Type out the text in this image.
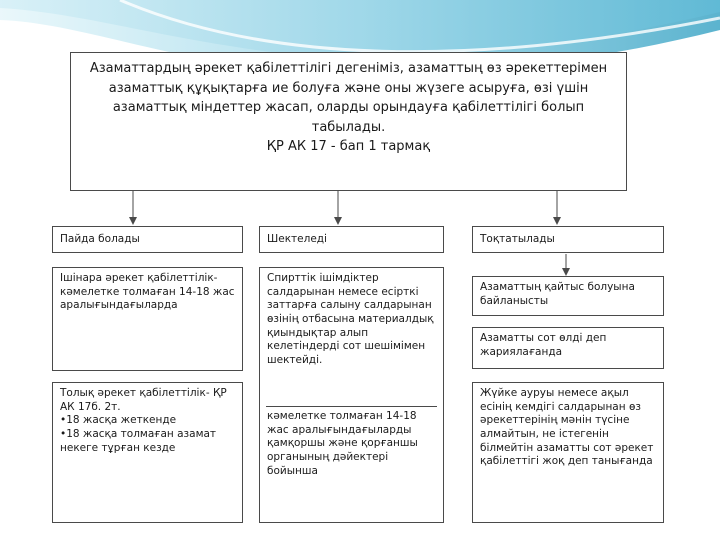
Азаматтардың әрекет қабілеттілігі дегеніміз, азаматтың өз әрекеттерімен азаматтық құқықтарға ие болуға және оны жүзеге асыруға, өзі үшін азаматтық міндеттер жасап, оларды орындауға қабілеттілігі болып табылады.
ҚР АК 17 - бап 1 тармақ
Пайда болады	Шектеледі	Тоқтатылады
Ішінара әрекет қабілеттілік- кәмелетке толмаған 14-18 жас аралығындағыларда
Толық әрекет қабілеттілік- ҚР АК 17б. 2т.
•18 жасқа жеткенде
•18 жасқа толмаған азамат некеге тұрған кезде
Спирттік ішімдіктер салдарынан немесе есірткі заттарға салыну салдарынан өзінің отбасына материалдық қиындықтар алып келетіндерді сот шешімімен шектейді.
кәмелетке толмаған 14-18 жас аралығындағыларды қамқоршы және қорғаншы органының дәйектері бойынша
Азаматтың қайтыс болуына байланысты
Азаматты сот өлді деп жариялағанда
Жүйке ауруы немесе ақыл есінің кемдігі салдарынан өз әрекеттерінің мәнін түсіне алмайтын, не істегенін білмейтін азаматты сот әрекет қабілеттігі жоқ деп танығанда
